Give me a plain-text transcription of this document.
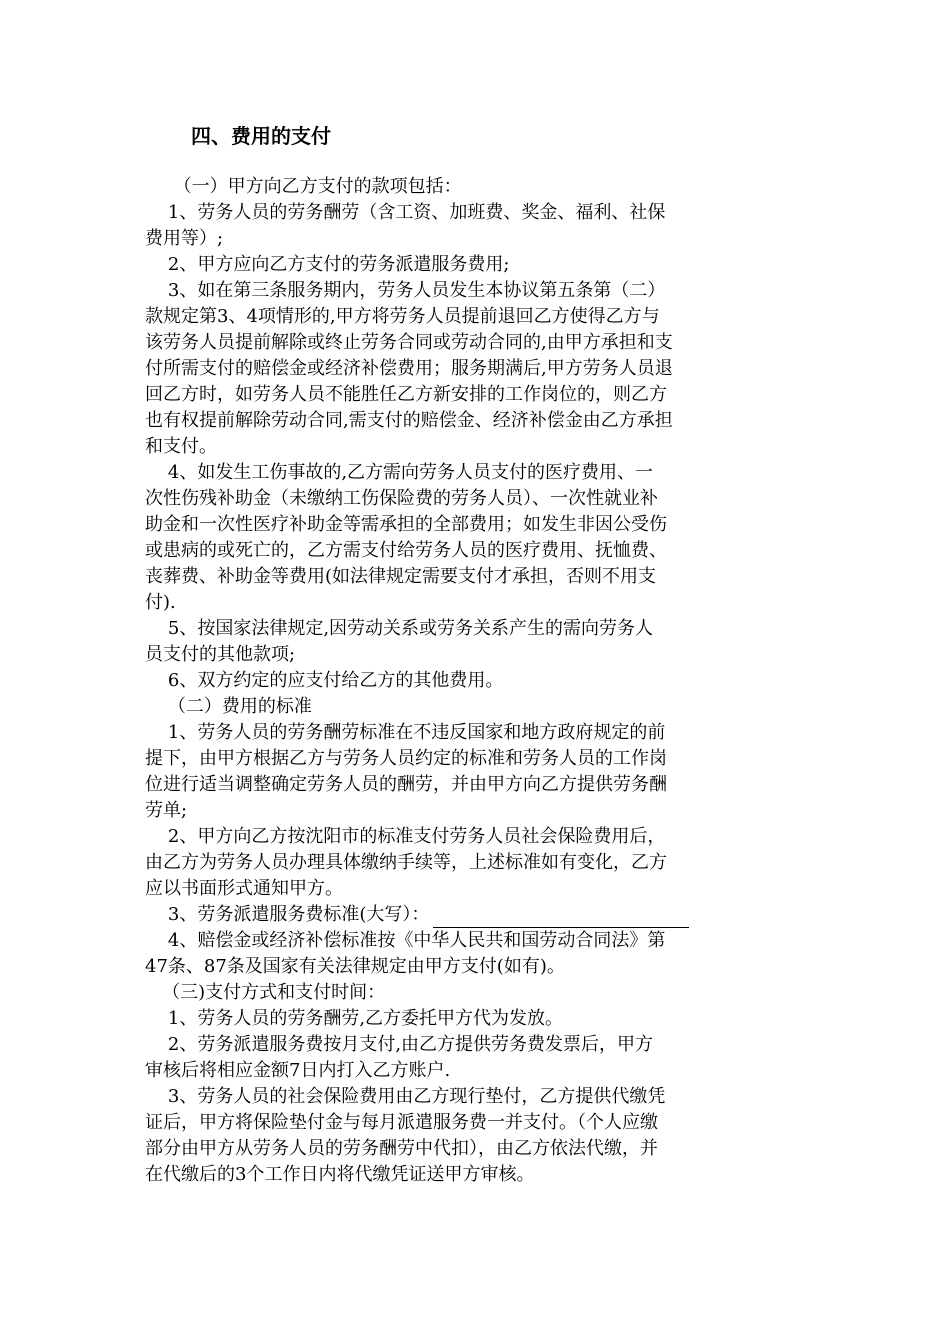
四、费用的支付
（一）甲方向乙方支付的款项包括：
1、劳务人员的劳务酬劳（含工资、加班费、奖金、福利、社保
费用等）;
2、甲方应向乙方支付的劳务派遣服务费用;
3、如在第三条服务期内，劳务人员发生本协议第五条第（二）
款规定第3、4项情形的,甲方将劳务人员提前退回乙方使得乙方与
该劳务人员提前解除或终止劳务合同或劳动合同的,由甲方承担和支
付所需支付的赔偿金或经济补偿费用；服务期满后,甲方劳务人员退
回乙方时，如劳务人员不能胜任乙方新安排的工作岗位的，则乙方
也有权提前解除劳动合同,需支付的赔偿金、经济补偿金由乙方承担
和支付。
4、如发生工伤事故的,乙方需向劳务人员支付的医疗费用、一
次性伤残补助金（未缴纳工伤保险费的劳务人员）、一次性就业补
助金和一次性医疗补助金等需承担的全部费用；如发生非因公受伤
或患病的或死亡的，乙方需支付给劳务人员的医疗费用、抚恤费、
丧葬费、补助金等费用(如法律规定需要支付才承担，否则不用支
付).
5、按国家法律规定,因劳动关系或劳务关系产生的需向劳务人
员支付的其他款项;
6、双方约定的应支付给乙方的其他费用。
（二）费用的标准
1、劳务人员的劳务酬劳标准在不违反国家和地方政府规定的前
提下，由甲方根据乙方与劳务人员约定的标准和劳务人员的工作岗
位进行适当调整确定劳务人员的酬劳，并由甲方向乙方提供劳务酬
劳单;
2、甲方向乙方按沈阳市的标准支付劳务人员社会保险费用后，
由乙方为劳务人员办理具体缴纳手续等，上述标准如有变化，乙方
应以书面形式通知甲方。
3、劳务派遣服务费标准(大写）：
4、赔偿金或经济补偿标准按《中华人民共和国劳动合同法》第
47条、87条及国家有关法律规定由甲方支付(如有)。
（三)支付方式和支付时间：
1、劳务人员的劳务酬劳,乙方委托甲方代为发放。
2、劳务派遣服务费按月支付,由乙方提供劳务费发票后，甲方
审核后将相应金额7日内打入乙方账户.
3、劳务人员的社会保险费用由乙方现行垫付，乙方提供代缴凭
证后，甲方将保险垫付金与每月派遣服务费一并支付。（个人应缴
部分由甲方从劳务人员的劳务酬劳中代扣），由乙方依法代缴，并
在代缴后的3个工作日内将代缴凭证送甲方审核。
